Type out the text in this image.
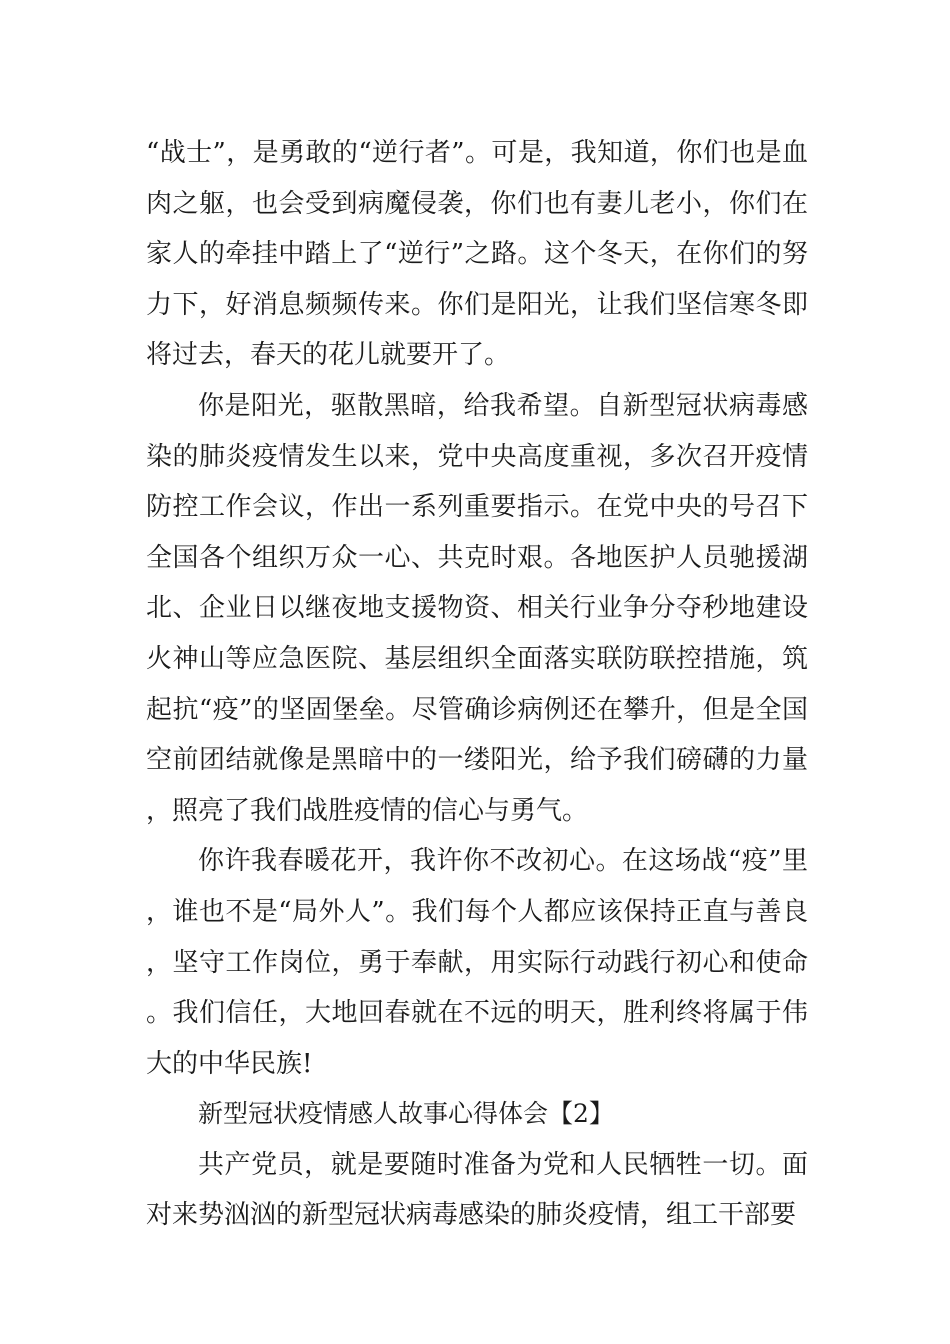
“战士”，是勇敢的“逆行者”。可是，我知道，你们也是血肉之躯，也会受到病魔侵袭，你们也有妻儿老小，你们在家人的牵挂中踏上了“逆行”之路。这个冬天，在你们的努力下，好消息频频传来。你们是阳光，让我们坚信寒冬即将过去，春天的花儿就要开了。

你是阳光，驱散黑暗，给我希望。自新型冠状病毒感染的肺炎疫情发生以来，党中央高度重视，多次召开疫情防控工作会议，作出一系列重要指示。在党中央的号召下全国各个组织万众一心、共克时艰。各地医护人员驰援湖北、企业日以继夜地支援物资、相关行业争分夺秒地建设火神山等应急医院、基层组织全面落实联防联控措施，筑起抗“疫”的坚固堡垒。尽管确诊病例还在攀升，但是全国空前团结就像是黑暗中的一缕阳光，给予我们磅礴的力量，照亮了我们战胜疫情的信心与勇气。

你许我春暖花开，我许你不改初心。在这场战“疫”里，谁也不是“局外人”。我们每个人都应该保持正直与善良，坚守工作岗位，勇于奉献，用实际行动践行初心和使命。我们信任，大地回春就在不远的明天，胜利终将属于伟大的中华民族!

新型冠状疫情感人故事心得体会【2】

共产党员，就是要随时准备为党和人民牺牲一切。面对来势汹汹的新型冠状病毒感染的肺炎疫情，组工干部要
